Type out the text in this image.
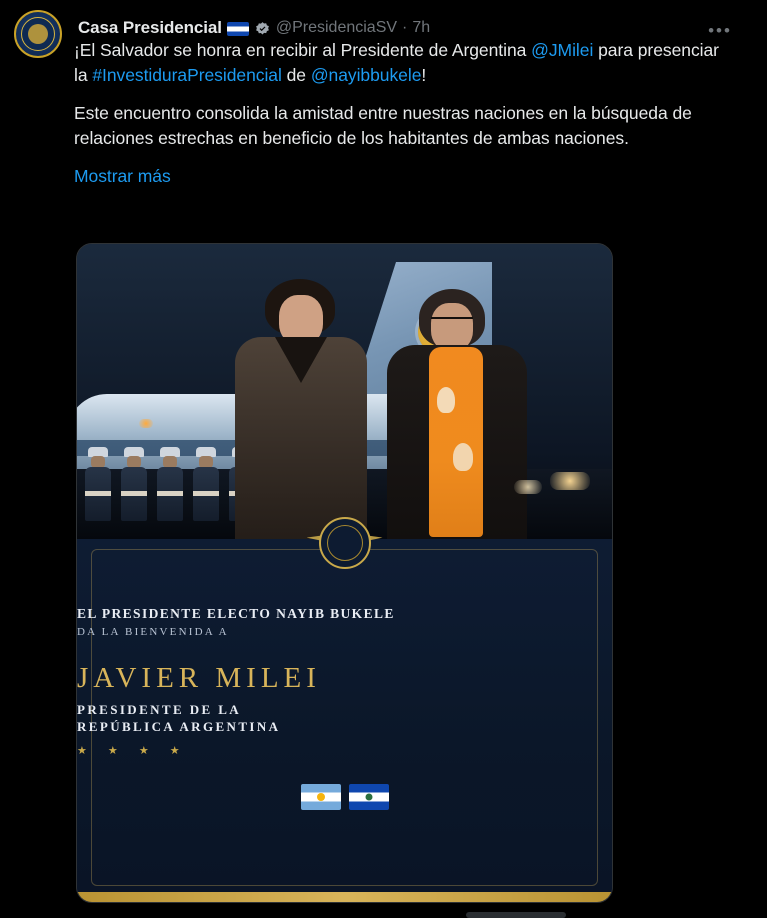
Casa Presidencial	@PresidenciaSV · 7h	•••

¡El Salvador se honra en recibir al Presidente de Argentina @JMilei para presenciar la #InvestiduraPresidencial de @nayibbukele!

Este encuentro consolida la amistad entre nuestras naciones en la búsqueda de relaciones estrechas en beneficio de los habitantes de ambas naciones.

Mostrar más
EL PRESIDENTE ELECTO NAYIB BUKELE
DA LA BIENVENIDA A
JAVIER MILEI
PRESIDENTE DE LA
REPÚBLICA ARGENTINA
★ ★ ★ ★
